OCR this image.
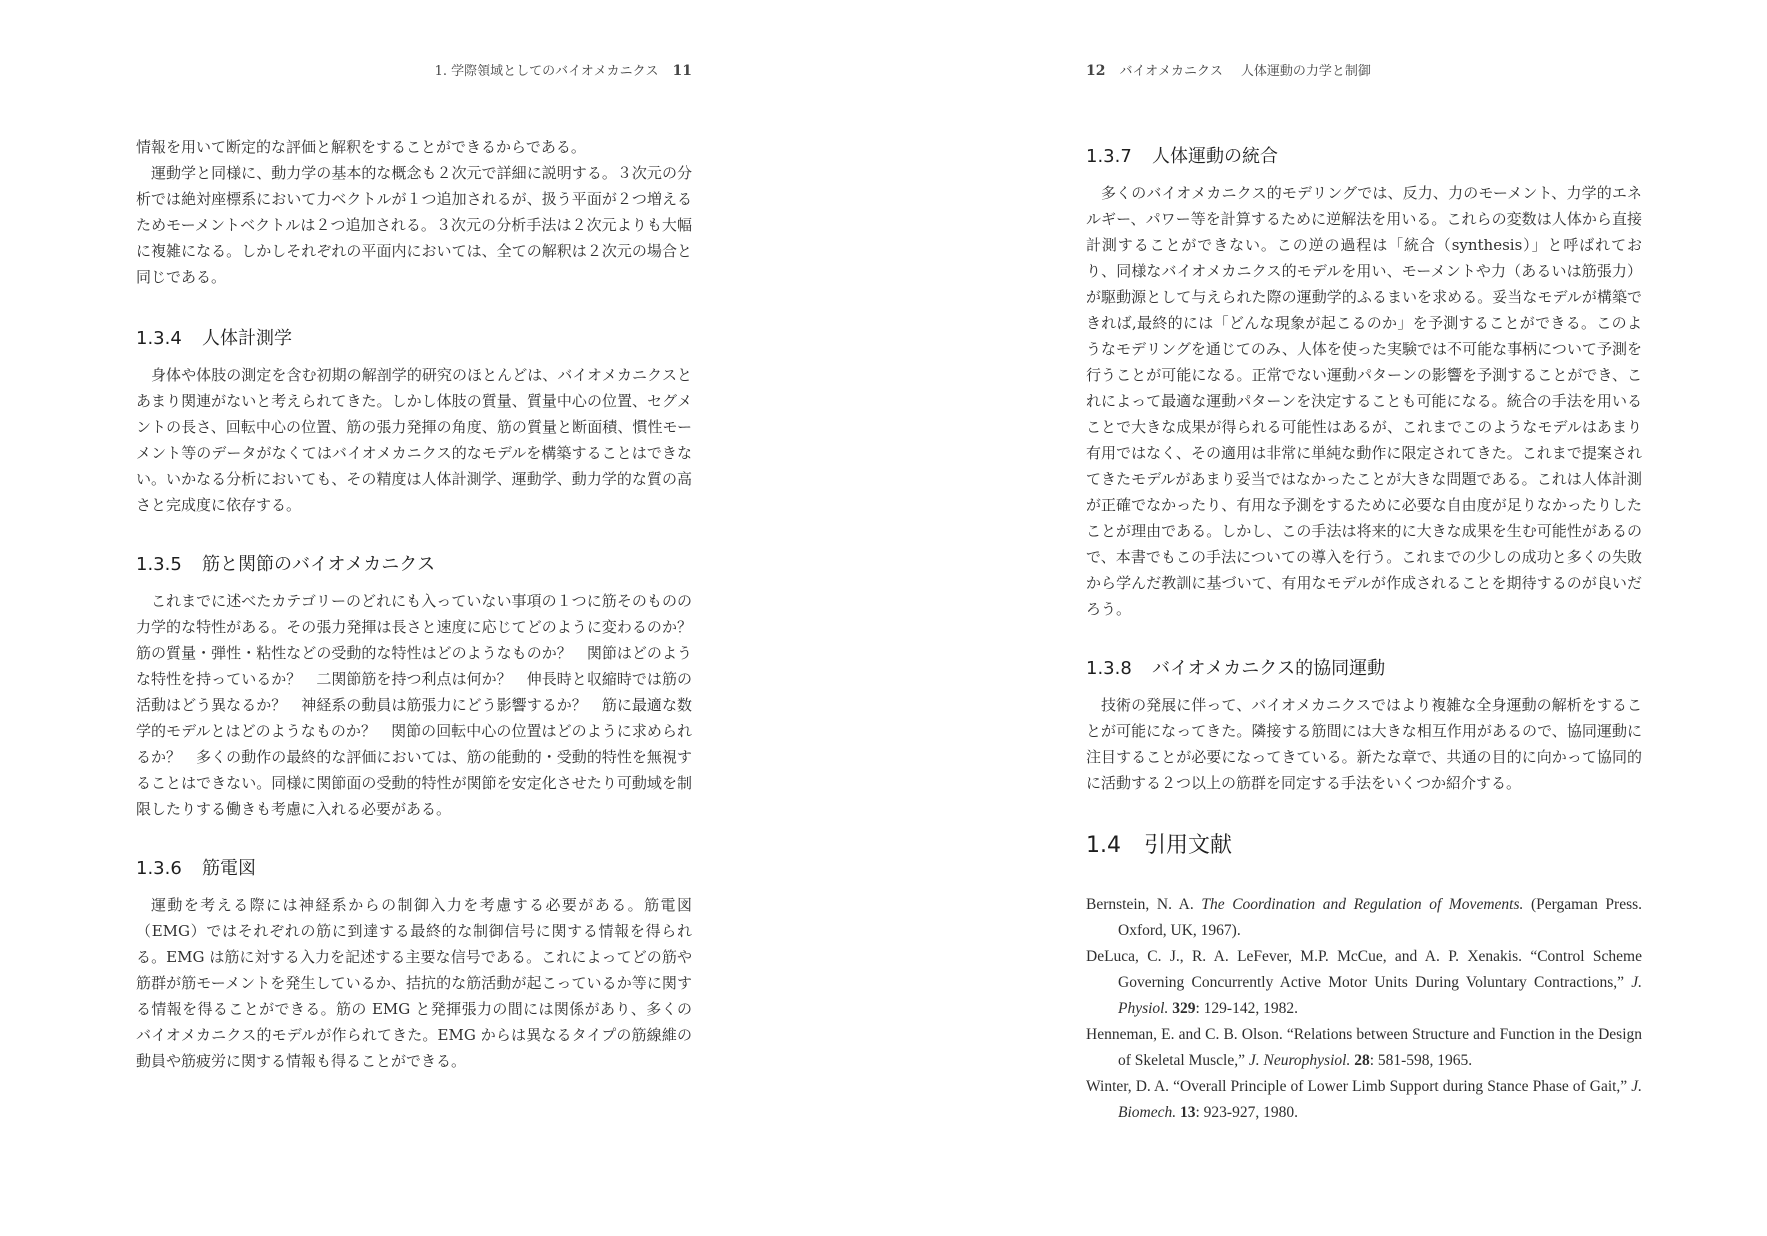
1. 学際領域としてのバイオメカニクス 11

情報を用いて断定的な評価と解釈をすることができるからである。

運動学と同様に、動力学の基本的な概念も２次元で詳細に説明する。３次元の分析では絶対座標系において力ベクトルが１つ追加されるが、扱う平面が２つ増えるためモーメントベクトルは２つ追加される。３次元の分析手法は２次元よりも大幅に複雑になる。しかしそれぞれの平面内においては、全ての解釈は２次元の場合と同じである。

1.3.4 人体計測学

身体や体肢の測定を含む初期の解剖学的研究のほとんどは、バイオメカニクスとあまり関連がないと考えられてきた。しかし体肢の質量、質量中心の位置、セグメントの長さ、回転中心の位置、筋の張力発揮の角度、筋の質量と断面積、慣性モーメント等のデータがなくてはバイオメカニクス的なモデルを構築することはできない。いかなる分析においても、その精度は人体計測学、運動学、動力学的な質の高さと完成度に依存する。

1.3.5 筋と関節のバイオメカニクス

これまでに述べたカテゴリーのどれにも入っていない事項の１つに筋そのものの力学的な特性がある。その張力発揮は長さと速度に応じてどのように変わるのか？　筋の質量・弾性・粘性などの受動的な特性はどのようなものか？　関節はどのような特性を持っているか？　二関節筋を持つ利点は何か？　伸長時と収縮時では筋の活動はどう異なるか？　神経系の動員は筋張力にどう影響するか？　筋に最適な数学的モデルとはどのようなものか？　関節の回転中心の位置はどのように求められるか？　多くの動作の最終的な評価においては、筋の能動的・受動的特性を無視することはできない。同様に関節面の受動的特性が関節を安定化させたり可動域を制限したりする働きも考慮に入れる必要がある。

1.3.6 筋電図

運動を考える際には神経系からの制御入力を考慮する必要がある。筋電図（EMG）ではそれぞれの筋に到達する最終的な制御信号に関する情報を得られる。EMG は筋に対する入力を記述する主要な信号である。これによってどの筋や筋群が筋モーメントを発生しているか、拮抗的な筋活動が起こっているか等に関する情報を得ることができる。筋の EMG と発揮張力の間には関係があり、多くのバイオメカニクス的モデルが作られてきた。EMG からは異なるタイプの筋線維の動員や筋疲労に関する情報も得ることができる。

12 バイオメカニクス 人体運動の力学と制御
1.3.7 人体運動の統合

多くのバイオメカニクス的モデリングでは、反力、力のモーメント、力学的エネルギー、パワー等を計算するために逆解法を用いる。これらの変数は人体から直接計測することができない。この逆の過程は「統合（synthesis）」と呼ばれており、同様なバイオメカニクス的モデルを用い、モーメントや力（あるいは筋張力）が駆動源として与えられた際の運動学的ふるまいを求める。妥当なモデルが構築できれば,最終的には「どんな現象が起こるのか」を予測することができる。このようなモデリングを通じてのみ、人体を使った実験では不可能な事柄について予測を行うことが可能になる。正常でない運動パターンの影響を予測することができ、これによって最適な運動パターンを決定することも可能になる。統合の手法を用いることで大きな成果が得られる可能性はあるが、これまでこのようなモデルはあまり有用ではなく、その適用は非常に単純な動作に限定されてきた。これまで提案されてきたモデルがあまり妥当ではなかったことが大きな問題である。これは人体計測が正確でなかったり、有用な予測をするために必要な自由度が足りなかったりしたことが理由である。しかし、この手法は将来的に大きな成果を生む可能性があるので、本書でもこの手法についての導入を行う。これまでの少しの成功と多くの失敗から学んだ教訓に基づいて、有用なモデルが作成されることを期待するのが良いだろう。

1.3.8 バイオメカニクス的協同運動

技術の発展に伴って、バイオメカニクスではより複雑な全身運動の解析をすることが可能になってきた。隣接する筋間には大きな相互作用があるので、協同運動に注目することが必要になってきている。新たな章で、共通の目的に向かって協同的に活動する２つ以上の筋群を同定する手法をいくつか紹介する。

1.4 引用文献
Bernstein, N. A. The Coordination and Regulation of Movements. (Pergaman Press. Oxford, UK, 1967).
DeLuca, C. J., R. A. LeFever, M.P. McCue, and A. P. Xenakis. “Control Scheme Governing Concurrently Active Motor Units During Voluntary Contractions,” J. Physiol. 329: 129-142, 1982.
Henneman, E. and C. B. Olson. “Relations between Structure and Function in the Design of Skeletal Muscle,” J. Neurophysiol. 28: 581-598, 1965.
Winter, D. A. “Overall Principle of Lower Limb Support during Stance Phase of Gait,” J. Biomech. 13: 923-927, 1980.
